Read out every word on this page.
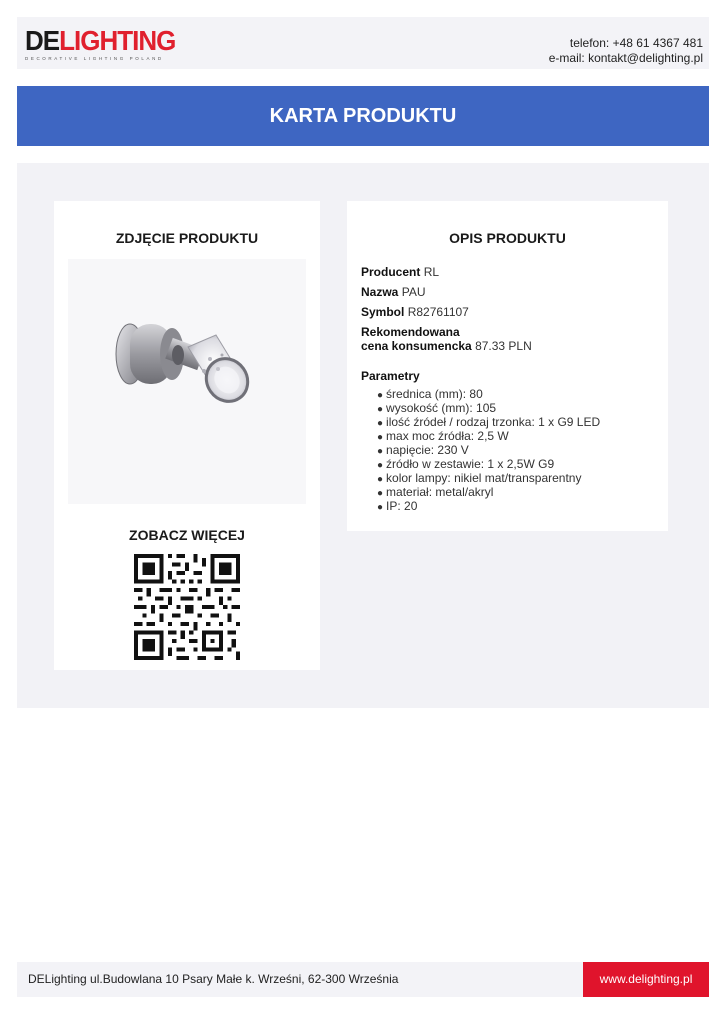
DELIGHTING
DECORATIVE LIGHTING POLAND
telefon: +48 61 4367 481
e-mail: kontakt@delighting.pl
KARTA PRODUKTU
ZDJĘCIE PRODUKTU
ZOBACZ WIĘCEJ
OPIS PRODUKTU
Producent RL
Nazwa PAU
Symbol R82761107
Rekomendowana
cena konsumencka 87.33 PLN
Parametry
● średnica (mm): 80
● wysokość (mm): 105
● ilość źródeł / rodzaj trzonka: 1 x G9 LED
● max moc źródła: 2,5 W
● napięcie: 230 V
● źródło w zestawie: 1 x 2,5W G9
● kolor lampy: nikiel mat/transparentny
● materiał: metal/akryl
● IP: 20
DELighting ul.Budowlana 10 Psary Małe k. Wrześni, 62-300 Września	www.delighting.pl
